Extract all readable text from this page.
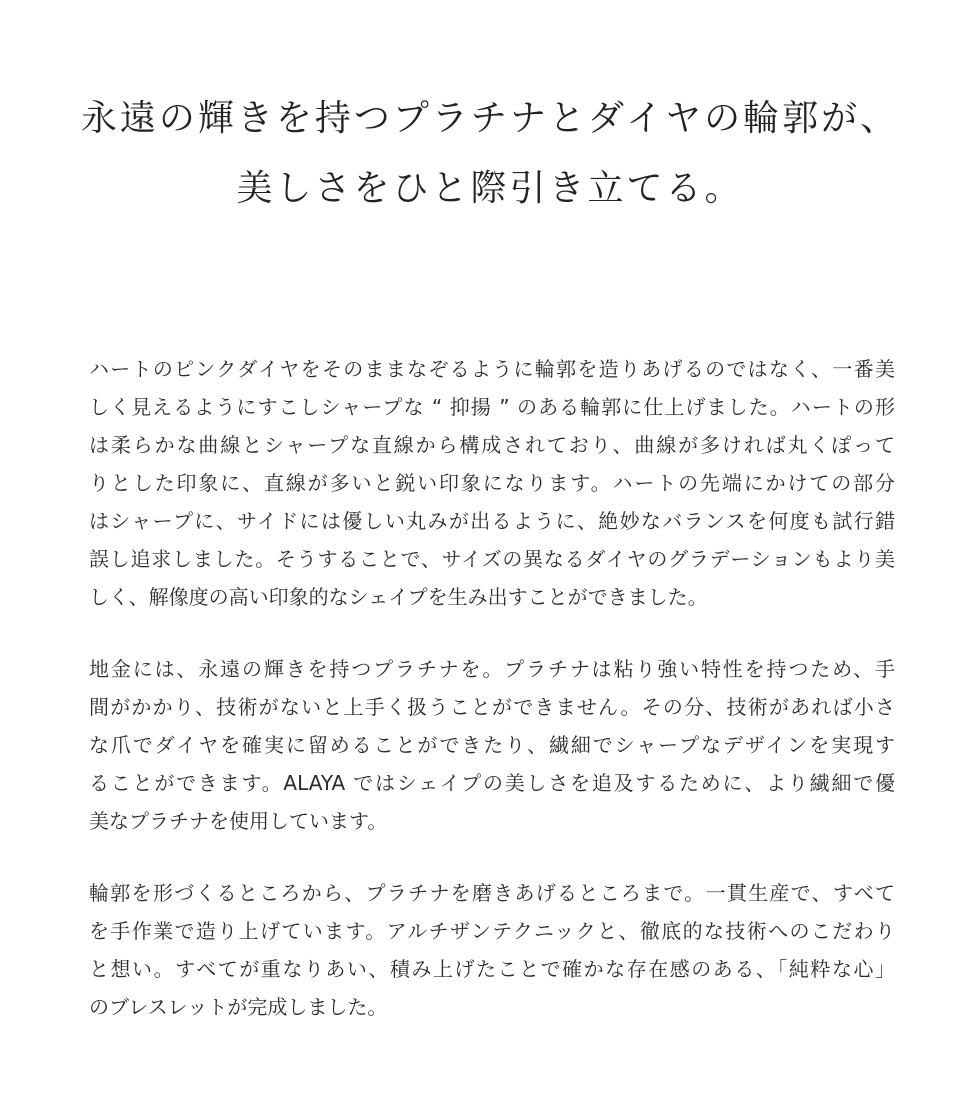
永遠の輝きを持つプラチナとダイヤの輪郭が、
美しさをひと際引き立てる。

ハートのピンクダイヤをそのままなぞるように輪郭を造りあげるのではなく、一番美
しく見えるようにすこしシャープな “ 抑揚 ” のある輪郭に仕上げました。ハートの形
は柔らかな曲線とシャープな直線から構成されており、曲線が多ければ丸くぽって
りとした印象に、直線が多いと鋭い印象になります。ハートの先端にかけての部分
はシャープに、サイドには優しい丸みが出るように、絶妙なバランスを何度も試行錯
誤し追求しました。そうすることで、サイズの異なるダイヤのグラデーションもより美
しく、解像度の高い印象的なシェイプを生み出すことができました。

地金には、永遠の輝きを持つプラチナを。プラチナは粘り強い特性を持つため、手
間がかかり、技術がないと上手く扱うことができません。その分、技術があれば小さ
な爪でダイヤを確実に留めることができたり、繊細でシャープなデザインを実現す
ることができます。ALAYA ではシェイプの美しさを追及するために、より繊細で優
美なプラチナを使用しています。

輪郭を形づくるところから、プラチナを磨きあげるところまで。一貫生産で、すべて
を手作業で造り上げています。アルチザンテクニックと、徹底的な技術へのこだわり
と想い。すべてが重なりあい、積み上げたことで確かな存在感のある、「純粋な心」
のブレスレットが完成しました。
